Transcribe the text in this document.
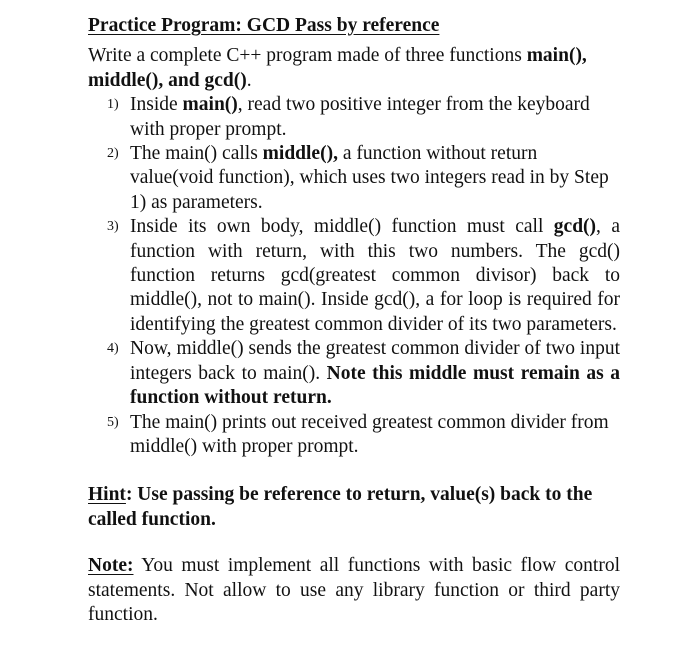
Practice Program: GCD Pass by reference

Write a complete C++ program made of three functions main(),
middle(), and gcd().

1) Inside main(), read two positive integer from the keyboard with proper prompt.
2) The main() calls middle(), a function without return value(void function), which uses two integers read in by Step 1) as parameters.
3) Inside its own body, middle() function must call gcd(), a function with return, with this two numbers. The gcd() function returns gcd(greatest common divisor) back to middle(), not to main(). Inside gcd(), a for loop is required for identifying the greatest common divider of its two parameters.
4) Now, middle() sends the greatest common divider of two input integers back to main(). Note this middle must remain as a function without return.
5) The main() prints out received greatest common divider from middle() with proper prompt.

Hint: Use passing be reference to return, value(s) back to the called function.

Note: You must implement all functions with basic flow control statements. Not allow to use any library function or third party function.
